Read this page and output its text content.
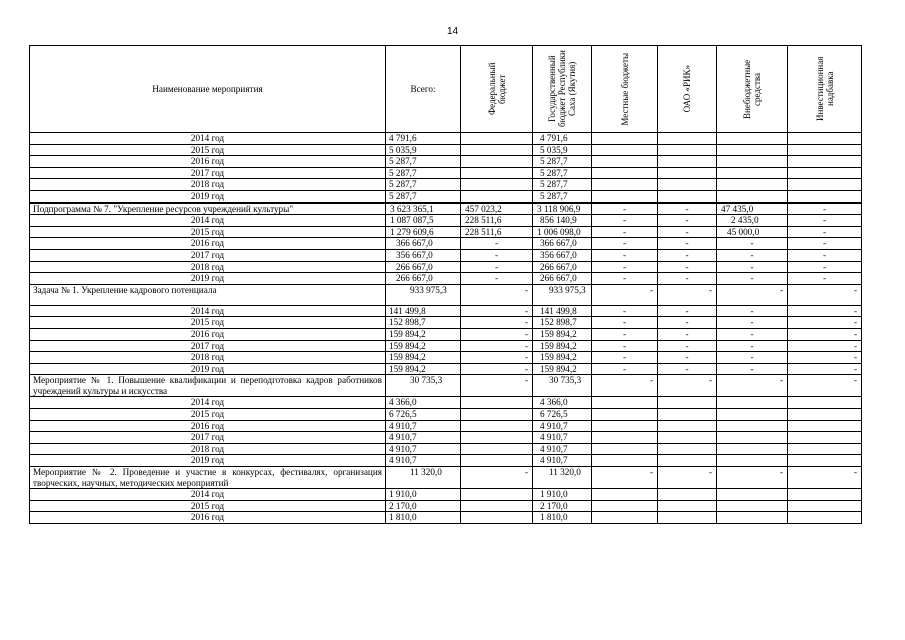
14
Наименование мероприятия	Всего:	Федеральный бюджет	Государственный бюджет Республики Саха (Якутия)	Местные бюджеты	ОАО «РИК»	Внебюджетные средства	Инвестиционная надбавка

2014 год	4 791,6		4 791,6				
2015 год	5 035,9		5 035,9				
2016 год	5 287,7		5 287,7				
2017 год	5 287,7		5 287,7				
2018 год	5 287,7		5 287,7				
2019 год	5 287,7		5 287,7				
Подпрограмма № 7. "Укрепление ресурсов учреждений культуры"	3 623 365,1	457 023,2	3 118 906,9	-	-	47 435,0	-
2014 год	1 087 087,5	228 511,6	856 140,9	-	-	2 435,0	-
2015 год	1 279 609,6	228 511,6	1 006 098,0	-	-	45 000,0	-
2016 год	366 667,0	-	366 667,0	-	-	-	-
2017 год	356 667,0	-	356 667,0	-	-	-	-
2018 год	266 667,0	-	266 667,0	-	-	-	-
2019 год	266 667,0	-	266 667,0	-	-	-	-
Задача № 1. Укрепление кадрового потенциала	933 975,3	-	933 975,3	-	-	-	-
2014 год	141 499,8	-	141 499,8	-	-	-	-
2015 год	152 898,7	-	152 898,7	-	-	-	-
2016 год	159 894,2	-	159 894,2	-	-	-	-
2017 год	159 894,2	-	159 894,2	-	-	-	-
2018 год	159 894,2	-	159 894,2	-	-	-	-
2019 год	159 894,2	-	159 894,2	-	-	-	-
Мероприятие № 1. Повышение квалификации и переподготовка кадров работников учреждений культуры и искусства	30 735,3	-	30 735,3	-	-	-	-
2014 год	4 366,0		4 366,0				
2015 год	6 726,5		6 726,5				
2016 год	4 910,7		4 910,7				
2017 год	4 910,7		4 910,7				
2018 год	4 910,7		4 910,7				
2019 год	4 910,7		4 910,7				
Мероприятие № 2. Проведение и участие в конкурсах, фестивалях, организация творческих, научных, методических мероприятий	11 320,0	-	11 320,0	-	-	-	-
2014 год	1 910,0		1 910,0				
2015 год	2 170,0		2 170,0				
2016 год	1 810,0		1 810,0				
